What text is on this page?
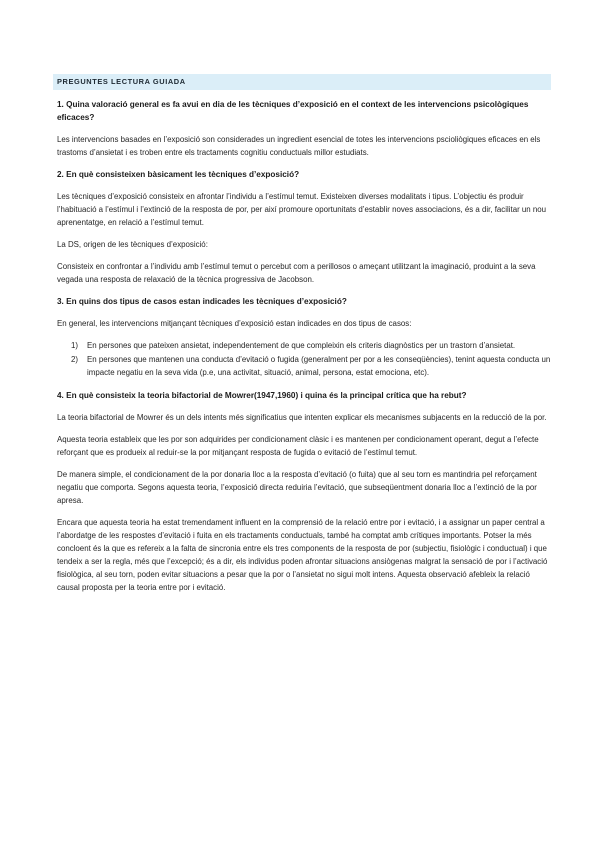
PREGUNTES LECTURA GUIADA
1. Quina valoració general es fa avui en dia de les tècniques d’exposició en el context de les intervencions psicològiques eficaces?
Les intervencions basades en l’exposició son considerades un ingredient esencial de totes les intervencions pscioliògiques eficaces en els trastoms d’ansietat i es troben entre els tractaments cognitiu conductuals millor estudiats.
2. En què consisteixen bàsicament les tècniques d’exposició?
Les tècniques d’exposició consisteix en afrontar l’individu a l’estímul temut. Existeixen diverses modalitats i tipus. L’objectiu és produir l’habituació a l’estímul i l’extinció de la resposta de por, per així promoure oportunitats d’establir noves associacions, és a dir, facilitar un nou aprenentatge, en relació a l’estímul temut.
La DS, origen de les tècniques d’exposició:
Consisteix en confrontar a l’individu amb l’estímul temut o percebut com a perillosos o ameçant utilitzant la imaginació, produint a la seva vegada una resposta de relaxació de la tècnica progressiva de Jacobson.
3. En quins dos tipus de casos estan indicades les tècniques d’exposició?
En general, les intervencions mitjançant tècniques d’exposició estan indicades en dos tipus de casos:
1)	En persones que pateixen ansietat, independentement de que compleixin els criteris diagnòstics per un trastorn d’ansietat.
2)	En persones que mantenen una conducta d’evitació o fugida (generalment per por a les conseqüències), tenint aquesta conducta un impacte negatiu en la seva vida (p.e, una activitat, situació, animal, persona, estat emociona, etc).
4. En què consisteix la teoria bifactorial de Mowrer(1947,1960) i quina és la principal crítica que ha rebut?
La teoria bifactorial de Mowrer és un dels intents més significatius que intenten explicar els mecanismes subjacents en la reducció de la por.
Aquesta teoria estableix que les por son adquirides per condicionament clàsic i es mantenen per condicionament operant, degut a l’efecte reforçant que es produeix al reduir-se la por mitjançant resposta de fugida o evitació de l’estímul temut.
De manera simple, el condicionament de la por donaria lloc a la resposta d’evitació (o fuita) que al seu torn es mantindria pel reforçament negatiu que comporta. Segons aquesta teoria, l’exposició directa reduiria l’evitació, que subseqüentment donaria lloc a l’extinció de la por apresa.
Encara que aquesta teoria ha estat tremendament influent en la comprensió de la relació entre por i evitació, i a assignar un paper central a l’abordatge de les respostes d’evitació i fuita en els tractaments conductuals, també ha comptat amb crítiques importants. Potser la més concloent és la que es refereix a la falta de sincronia entre els tres components de la resposta de por (subjectiu, fisiològic i conductual) i que tendeix a ser la regla, més que l’excepció; és a dir, els individus poden afrontar situacions ansiògenas malgrat la sensació de por i l’activació fisiològica, al seu torn, poden evitar situacions a pesar que la por o l’ansietat no sigui molt intens. Aquesta observació afebleix la relació causal proposta per la teoria entre por i evitació.
